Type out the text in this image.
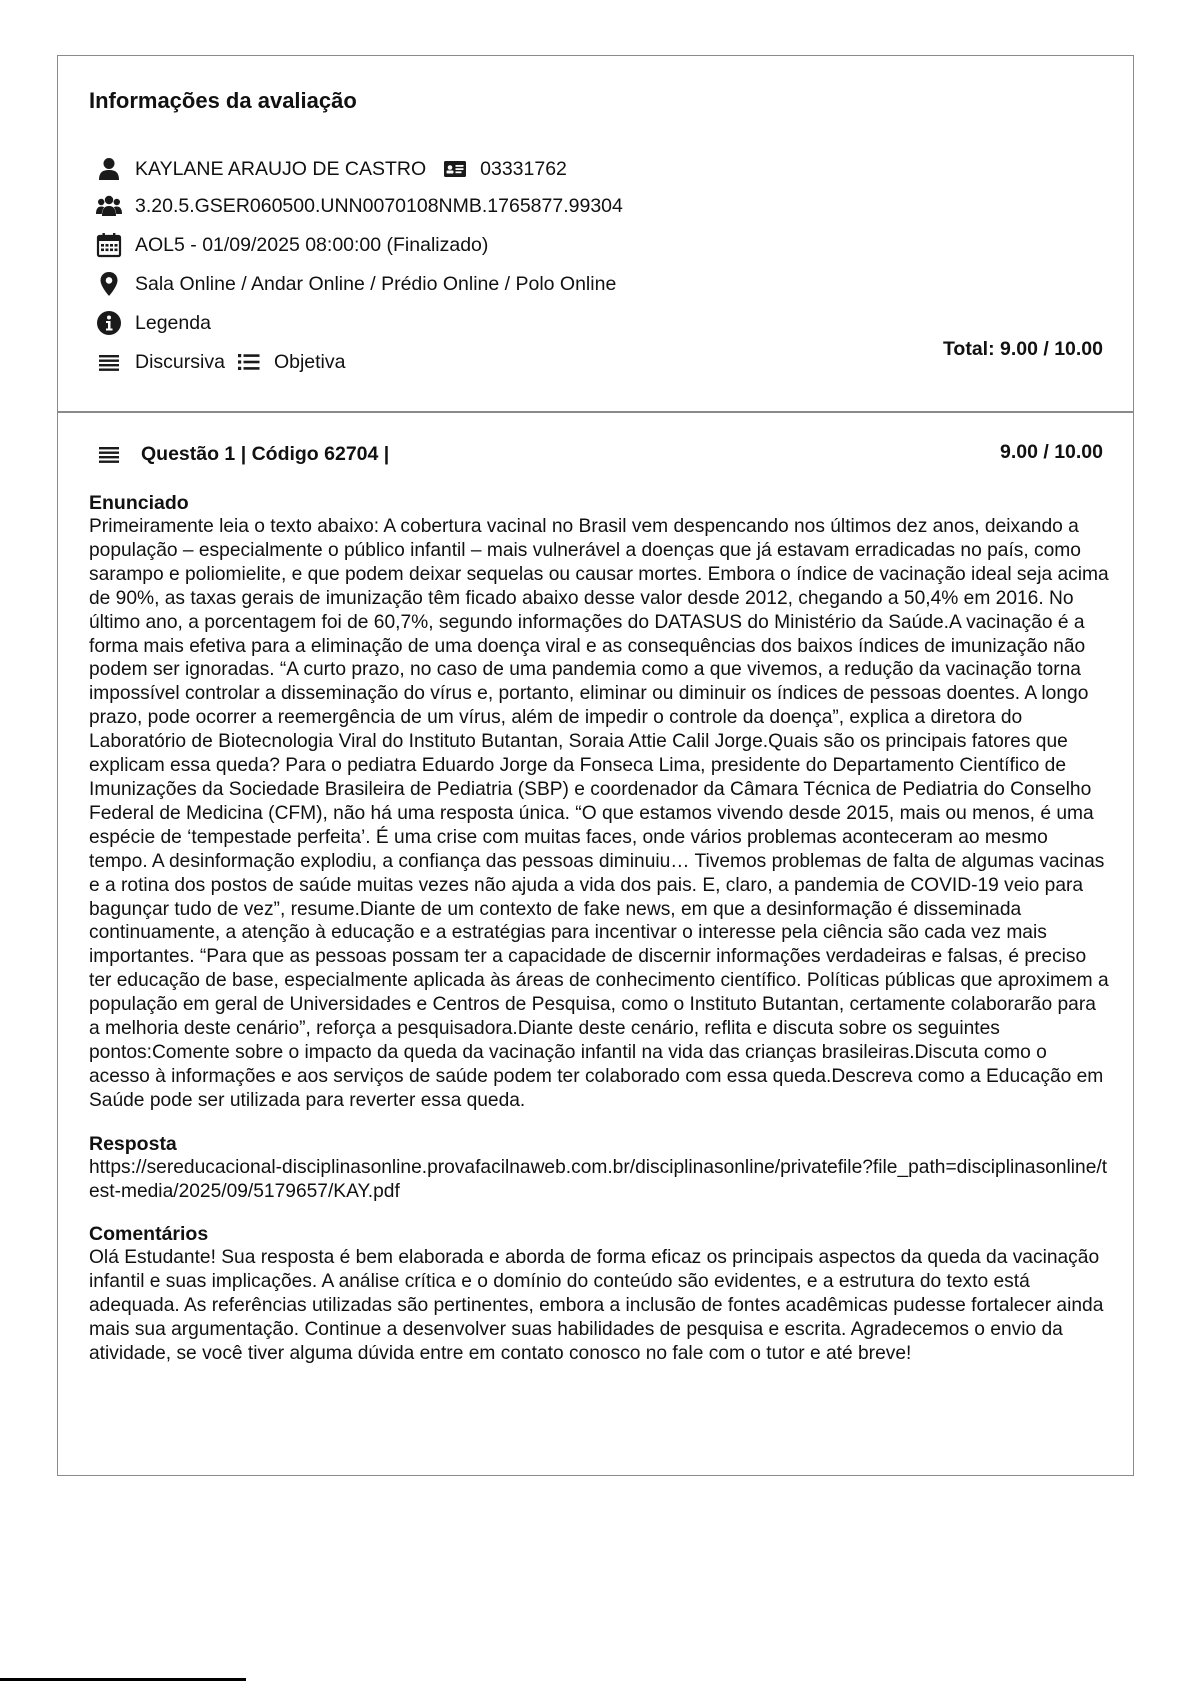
Informações da avaliação
KAYLANE ARAUJO DE CASTRO	03331762
3.20.5.GSER060500.UNN0070108NMB.1765877.99304
AOL5 - 01/09/2025 08:00:00 (Finalizado)
Sala Online / Andar Online / Prédio Online / Polo Online
Legenda
Discursiva	Objetiva
Total: 9.00 / 10.00
Questão 1 | Código 62704 |	9.00 / 10.00
Enunciado

Primeiramente leia o texto abaixo: A cobertura vacinal no Brasil vem despencando nos últimos dez anos, deixando a população – especialmente o público infantil – mais vulnerável a doenças que já estavam erradicadas no país, como sarampo e poliomielite, e que podem deixar sequelas ou causar mortes. Embora o índice de vacinação ideal seja acima de 90%, as taxas gerais de imunização têm ficado abaixo desse valor desde 2012, chegando a 50,4% em 2016. No último ano, a porcentagem foi de 60,7%, segundo informações do DATASUS do Ministério da Saúde.A vacinação é a forma mais efetiva para a eliminação de uma doença viral e as consequências dos baixos índices de imunização não podem ser ignoradas. “A curto prazo, no caso de uma pandemia como a que vivemos, a redução da vacinação torna impossível controlar a disseminação do vírus e, portanto, eliminar ou diminuir os índices de pessoas doentes. A longo prazo, pode ocorrer a reemergência de um vírus, além de impedir o controle da doença”, explica a diretora do Laboratório de Biotecnologia Viral do Instituto Butantan, Soraia Attie Calil Jorge.Quais são os principais fatores que explicam essa queda? Para o pediatra Eduardo Jorge da Fonseca Lima, presidente do Departamento Científico de Imunizações da Sociedade Brasileira de Pediatria (SBP) e coordenador da Câmara Técnica de Pediatria do Conselho Federal de Medicina (CFM), não há uma resposta única. “O que estamos vivendo desde 2015, mais ou menos, é uma espécie de ‘tempestade perfeita’. É uma crise com muitas faces, onde vários problemas aconteceram ao mesmo tempo. A desinformação explodiu, a confiança das pessoas diminuiu… Tivemos problemas de falta de algumas vacinas e a rotina dos postos de saúde muitas vezes não ajuda a vida dos pais. E, claro, a pandemia de COVID-19 veio para bagunçar tudo de vez”, resume.Diante de um contexto de fake news, em que a desinformação é disseminada continuamente, a atenção à educação e a estratégias para incentivar o interesse pela ciência são cada vez mais importantes. “Para que as pessoas possam ter a capacidade de discernir informações verdadeiras e falsas, é preciso ter educação de base, especialmente aplicada às áreas de conhecimento científico. Políticas públicas que aproximem a população em geral de Universidades e Centros de Pesquisa, como o Instituto Butantan, certamente colaborarão para a melhoria deste cenário”, reforça a pesquisadora.Diante deste cenário, reflita e discuta sobre os seguintes pontos:Comente sobre o impacto da queda da vacinação infantil na vida das crianças brasileiras.Discuta como o acesso à informações e aos serviços de saúde podem ter colaborado com essa queda.Descreva como a Educação em Saúde pode ser utilizada para reverter essa queda.

Resposta

https://sereducacional-disciplinasonline.provafacilnaweb.com.br/disciplinasonline/privatefile?file_path=disciplinasonline/test-media/2025/09/5179657/KAY.pdf

Comentários

Olá Estudante! Sua resposta é bem elaborada e aborda de forma eficaz os principais aspectos da queda da vacinação infantil e suas implicações. A análise crítica e o domínio do conteúdo são evidentes, e a estrutura do texto está adequada. As referências utilizadas são pertinentes, embora a inclusão de fontes acadêmicas pudesse fortalecer ainda mais sua argumentação. Continue a desenvolver suas habilidades de pesquisa e escrita. Agradecemos o envio da atividade, se você tiver alguma dúvida entre em contato conosco no fale com o tutor e até breve!
